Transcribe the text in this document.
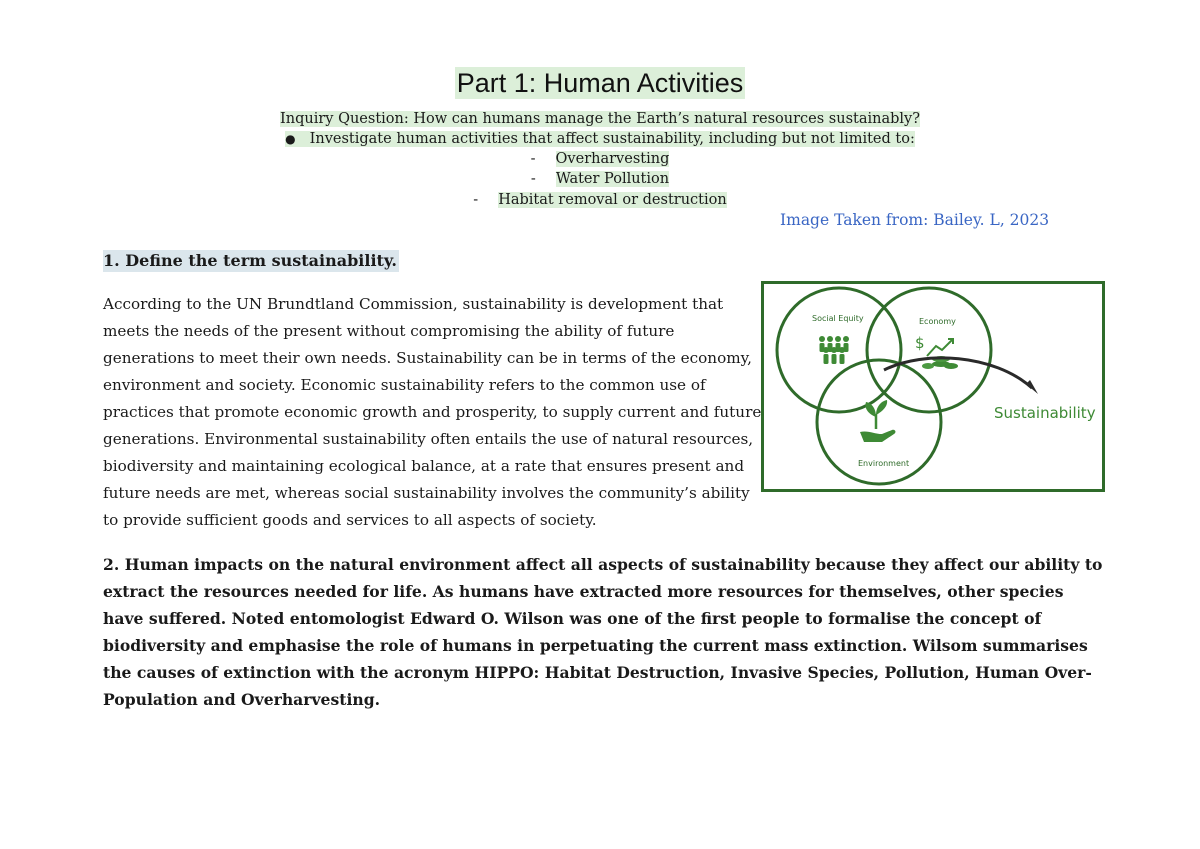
Part 1: Human Activities
Inquiry Question: How can humans manage the Earth’s natural resources sustainably?
● Investigate human activities that affect sustainability, including but not limited to:
- Overharvesting
- Water Pollution
- Habitat removal or destruction
Image Taken from: Bailey. L, 2023
1. Define the term sustainability.

According to the UN Brundtland Commission, sustainability is development that
meets the needs of the present without compromising the ability of future
generations to meet their own needs. Sustainability can be in terms of the economy,
environment and society. Economic sustainability refers to the common use of
practices that promote economic growth and prosperity, to supply current and future
generations. Environmental sustainability often entails the use of natural resources,
biodiversity and maintaining ecological balance, at a rate that ensures present and
future needs are met, whereas social sustainability involves the community’s ability
to provide sufficient goods and services to all aspects of society.

Social Equity	Economy
Environment
Sustainability
$

2. Human impacts on the natural environment affect all aspects of sustainability because they affect our ability to
extract the resources needed for life. As humans have extracted more resources for themselves, other species
have suffered. Noted entomologist Edward O. Wilson was one of the first people to formalise the concept of
biodiversity and emphasise the role of humans in perpetuating the current mass extinction. Wilsom summarises
the causes of extinction with the acronym HIPPO: Habitat Destruction, Invasive Species, Pollution, Human Over-
Population and Overharvesting.
